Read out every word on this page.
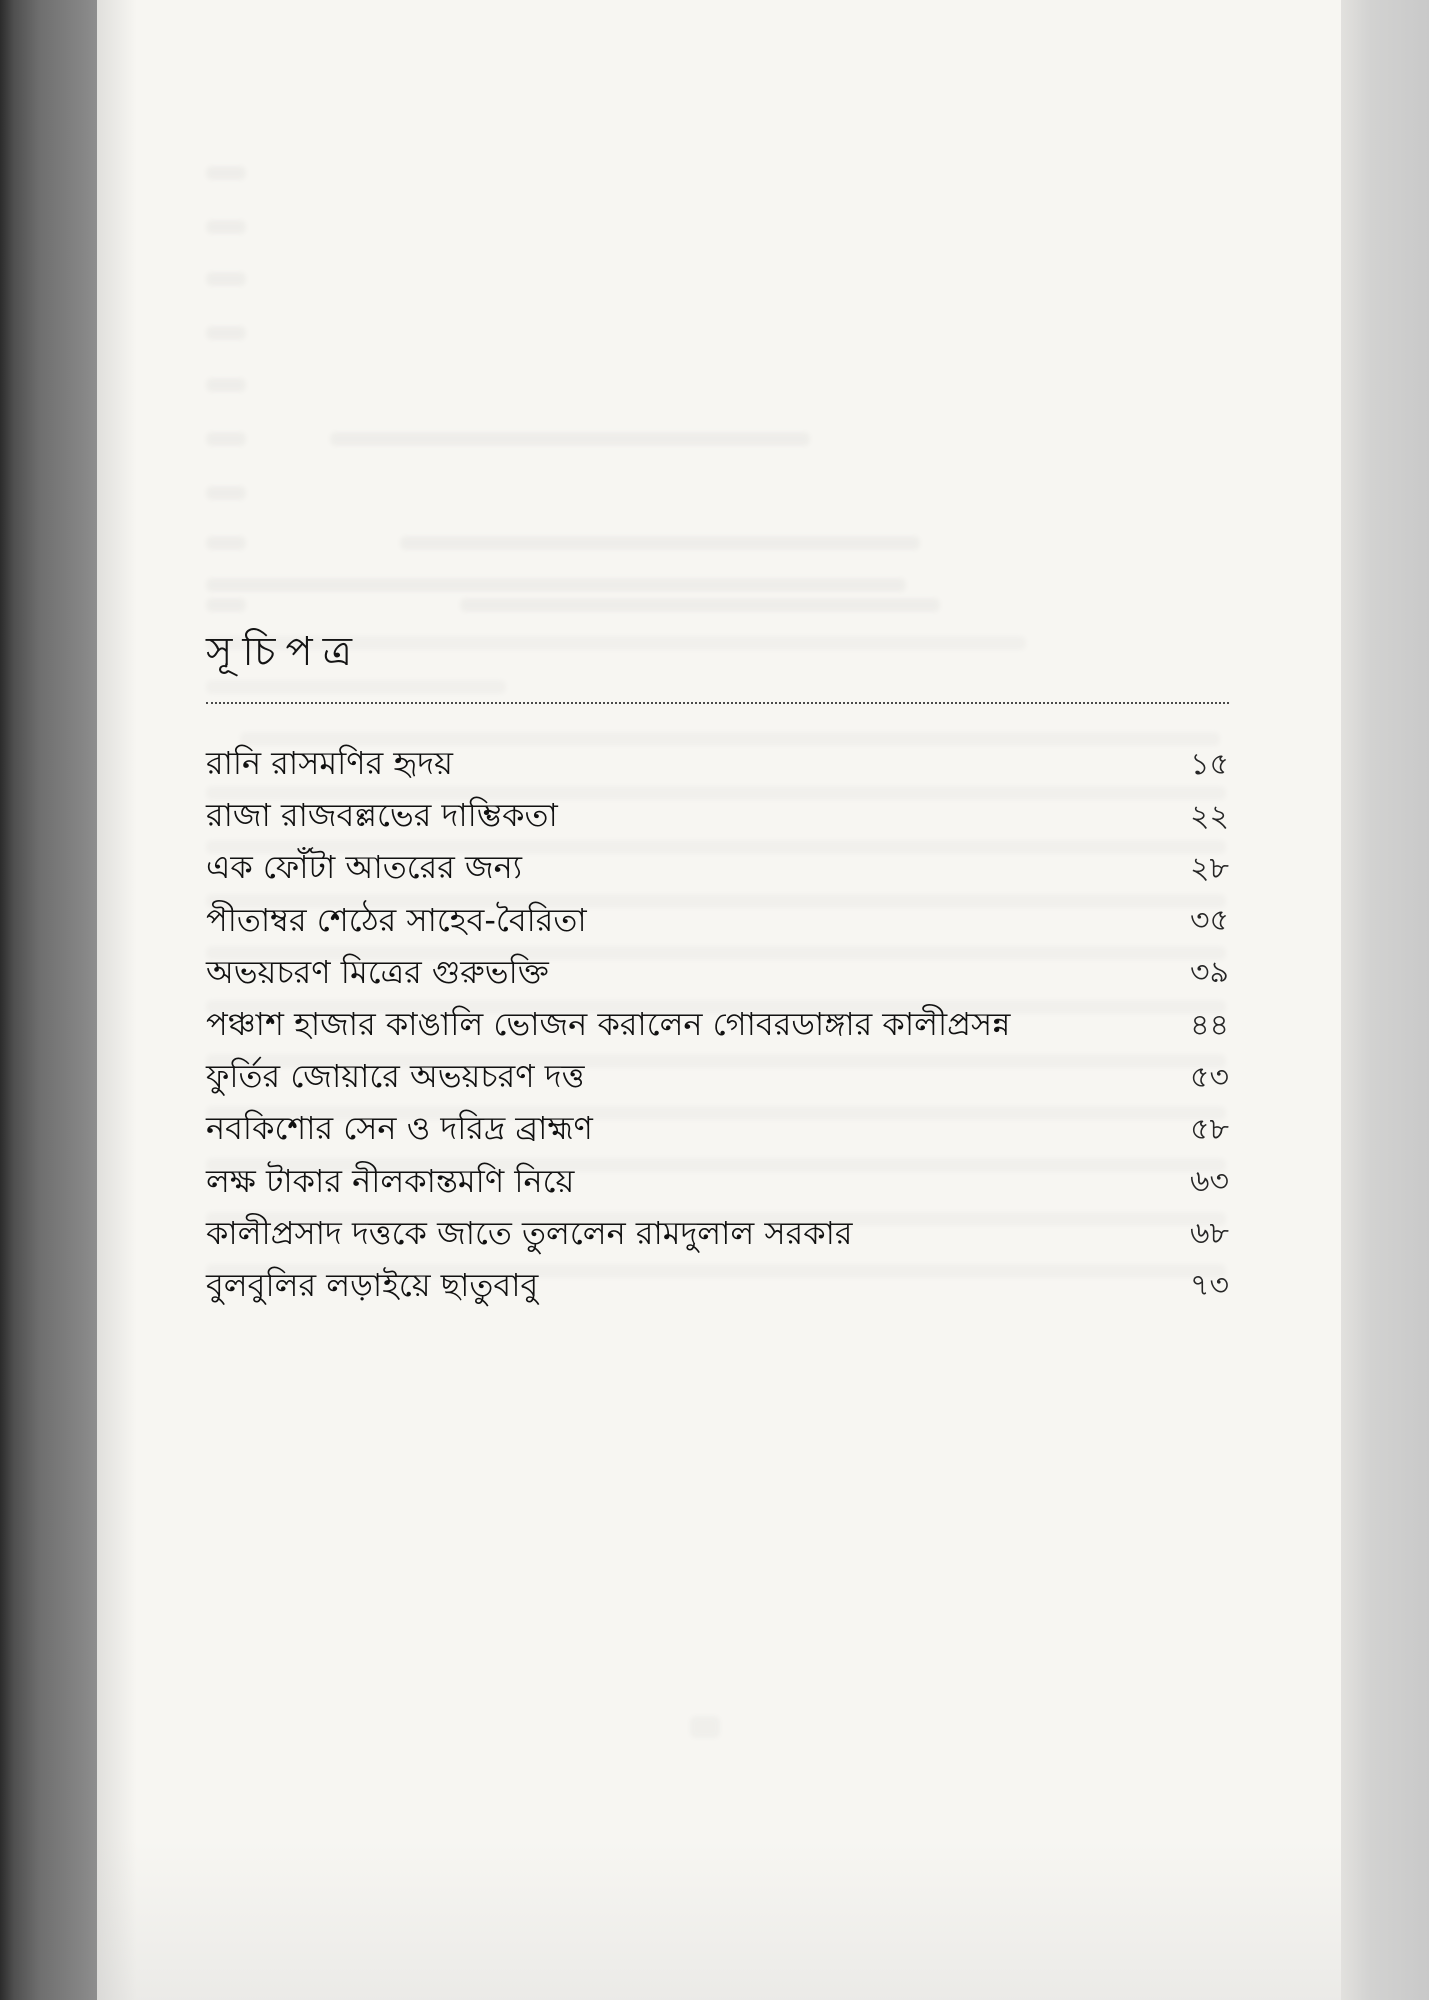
সূচিপত্র
রানি রাসমণির হৃদয়	১৫
রাজা রাজবল্লভের দাম্ভিকতা	২২
এক ফোঁটা আতরের জন্য	২৮
পীতাম্বর শেঠের সাহেব-বৈরিতা	৩৫
অভয়চরণ মিত্রের গুরুভক্তি	৩৯
পঞ্চাশ হাজার কাঙালি ভোজন করালেন গোবরডাঙ্গার কালীপ্রসন্ন	৪৪
ফুর্তির জোয়ারে অভয়চরণ দত্ত	৫৩
নবকিশোর সেন ও দরিদ্র ব্রাহ্মণ	৫৮
লক্ষ টাকার নীলকান্তমণি নিয়ে	৬৩
কালীপ্রসাদ দত্তকে জাতে তুললেন রামদুলাল সরকার	৬৮
বুলবুলির লড়াইয়ে ছাতুবাবু	৭৩
